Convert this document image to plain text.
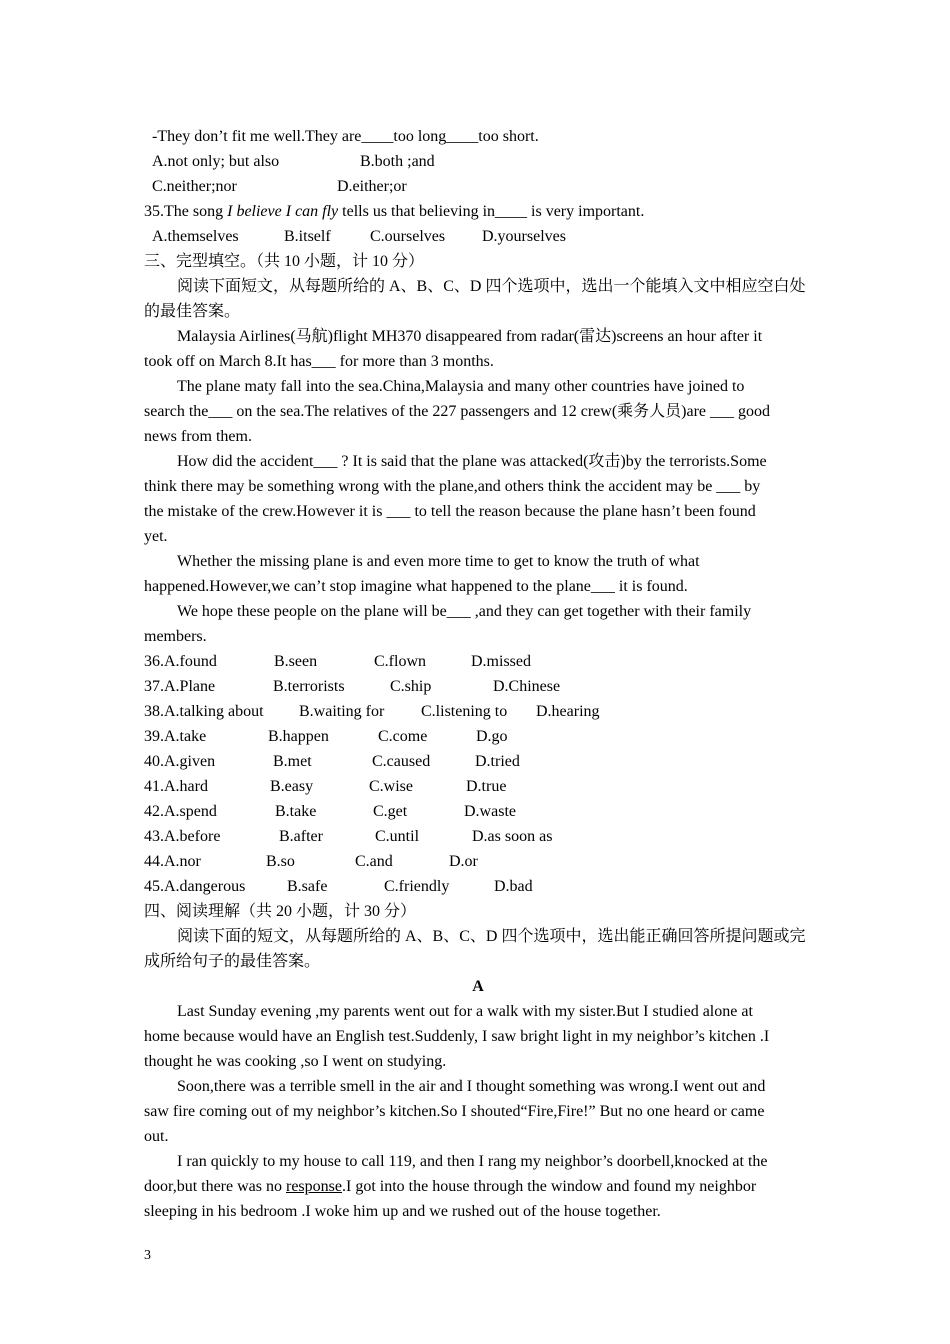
-They don’t fit me well.They are____too long____too short.
A.not only; but also	B.both ;and
C.neither;nor	D.either;or
35.The song I believe I can fly tells us that believing in____ is very important.
A.themselves	B.itself C.ourselves D.yourselves
三、完型填空。（共 10 小题，计 10 分）
阅读下面短文，从每题所给的 A、B、C、D 四个选项中，选出一个能填入文中相应空白处
的最佳答案。
Malaysia Airlines(马航)flight MH370 disappeared from radar(雷达)screens an hour after it
took off on March 8.It has___ for more than 3 months.
The plane maty fall into the sea.China,Malaysia and many other countries have joined to
search the___ on the sea.The relatives of the 227 passengers and 12 crew(乘务人员)are ___ good
news from them.
How did the accident___ ? It is said that the plane was attacked(攻击)by the terrorists.Some
think there may be something wrong with the plane,and others think the accident may be ___ by
the mistake of the crew.However it is ___ to tell the reason because the plane hasn’t been found
yet.
Whether the missing plane is and even more time to get to know the truth of what
happened.However,we can’t stop imagine what happened to the plane___ it is found.
We hope these people on the plane will be___ ,and they can get together with their family
members.
36.A.found	B.seen	C.flown	D.missed
37.A.Plane	B.terrorists	C.ship	D.Chinese
38.A.talking about B.waiting for C.listening to D.hearing
39.A.take	B.happen	C.come	D.go
40.A.given	B.met	C.caused	D.tried
41.A.hard	B.easy	C.wise	D.true
42.A.spend	B.take	C.get	D.waste
43.A.before	B.after	C.until	D.as soon as
44.A.nor	B.so	C.and	D.or
45.A.dangerous	B.safe	C.friendly	D.bad
四、阅读理解（共 20 小题，计 30 分）
阅读下面的短文，从每题所给的 A、B、C、D 四个选项中，选出能正确回答所提问题或完
成所给句子的最佳答案。
A
Last Sunday evening ,my parents went out for a walk with my sister.But I studied alone at
home because would have an English test.Suddenly, I saw bright light in my neighbor’s kitchen .I
thought he was cooking ,so I went on studying.
Soon,there was a terrible smell in the air and I thought something was wrong.I went out and
saw fire coming out of my neighbor’s kitchen.So I shouted“Fire,Fire!” But no one heard or came
out.
I ran quickly to my house to call 119, and then I rang my neighbor’s doorbell,knocked at the
door,but there was no response.I got into the house through the window and found my neighbor
sleeping in his bedroom .I woke him up and we rushed out of the house together.
3
